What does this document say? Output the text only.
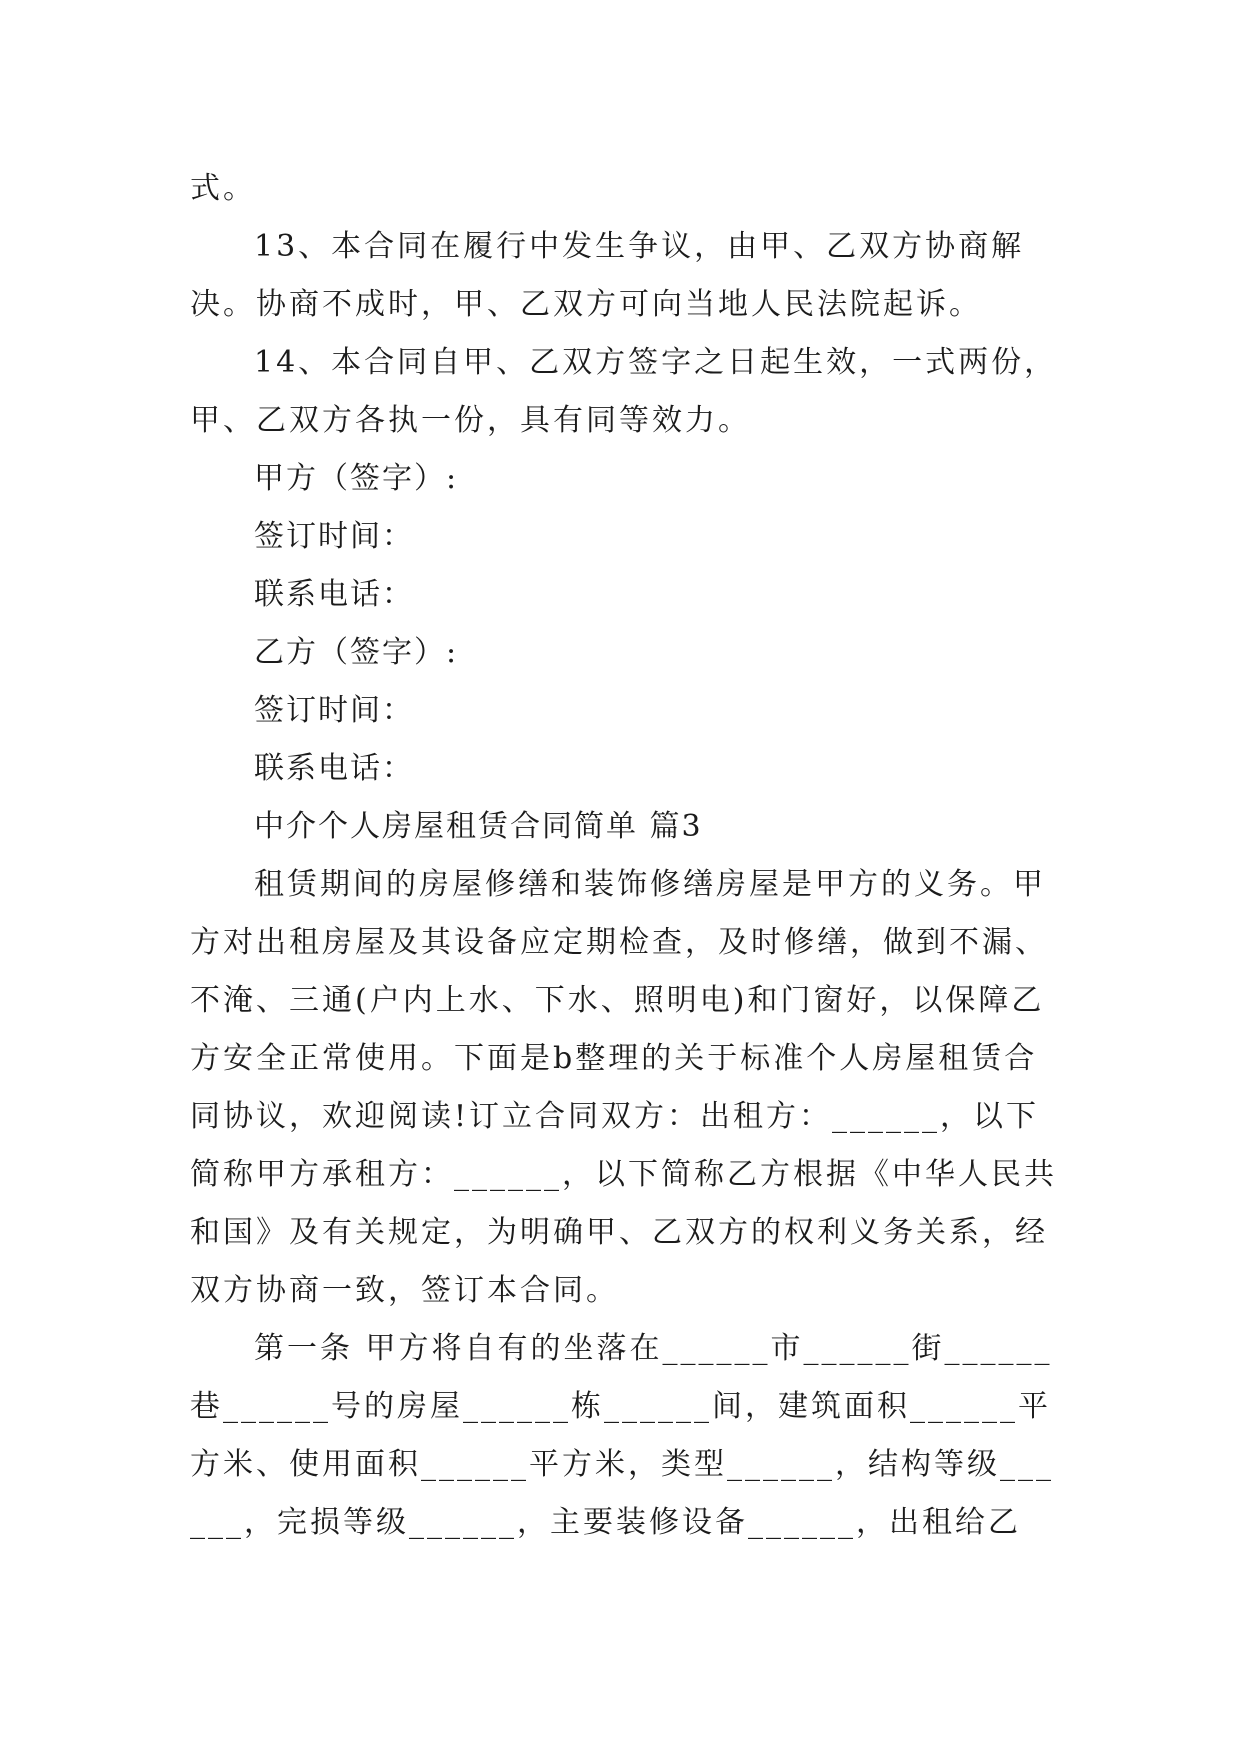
式。

13、本合同在履行中发生争议，由甲、乙双方协商解决。协商不成时，甲、乙双方可向当地人民法院起诉。

14、本合同自甲、乙双方签字之日起生效，一式两份，甲、乙双方各执一份，具有同等效力。

甲方（签字）:

签订时间：

联系电话：

乙方（签字）:

签订时间：

联系电话：

中介个人房屋租赁合同简单 篇3

租赁期间的房屋修缮和装饰修缮房屋是甲方的义务。甲方对出租房屋及其设备应定期检查，及时修缮，做到不漏、不淹、三通(户内上水、下水、照明电)和门窗好，以保障乙方安全正常使用。下面是b整理的关于标准个人房屋租赁合同协议，欢迎阅读!订立合同双方：出租方：______，以下简称甲方承租方：______，以下简称乙方根据《中华人民共和国》及有关规定，为明确甲、乙双方的权利义务关系，经双方协商一致，签订本合同。

第一条 甲方将自有的坐落在______市______街______巷______号的房屋______栋______间，建筑面积______平方米、使用面积______平方米，类型______，结构等级______，完损等级______，主要装修设备______，出租给乙
